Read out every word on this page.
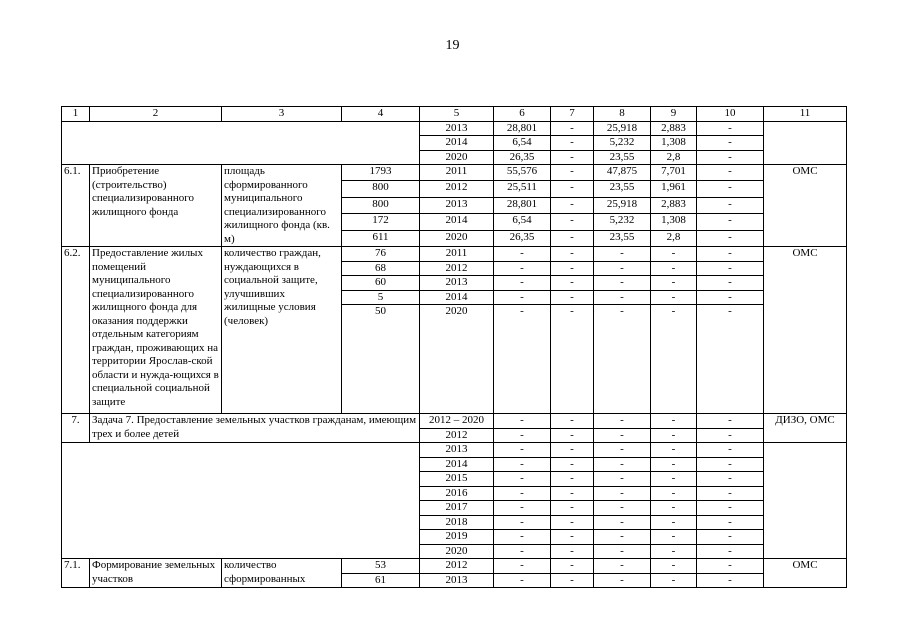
19
1	2	3	4	5	6	7	8	9	10	11
				2013	28,801	-	25,918	2,883	-	
				2014	6,54	-	5,232	1,308	-	
				2020	26,35	-	23,55	2,8	-	
6.1.	Приобретение (строительство) специализированного жилищного фонда	площадь сформированного муниципального специализированного жилищного фонда (кв. м)	1793	2011	55,576	-	47,875	7,701	-	ОМС
			800	2012	25,511	-	23,55	1,961	-	
			800	2013	28,801	-	25,918	2,883	-	
			172	2014	6,54	-	5,232	1,308	-	
			611	2020	26,35	-	23,55	2,8	-	
6.2.	Предоставление жилых помещений муниципального специализированного жилищного фонда для оказания поддержки отдельным категориям граждан, проживающих на территории Ярослав-ской области и нужда-ющихся в специальной социальной защите	количество граждан, нуждающихся в социальной защите, улучшивших жилищные условия (человек)	76	2011	-	-	-	-	-	ОМС
			68	2012	-	-	-	-	-	
			60	2013	-	-	-	-	-	
			5	2014	-	-	-	-	-	
			50	2020	-	-	-	-	-	
7.	Задача 7. Предоставление земельных участков гражданам, имеющим трех и более детей			2012 – 2020	-	-	-	-	-	ДИЗО, ОМС
				2012	-	-	-	-	-	
				2013	-	-	-	-	-	
				2014	-	-	-	-	-	
				2015	-	-	-	-	-	
				2016	-	-	-	-	-	
				2017	-	-	-	-	-	
				2018	-	-	-	-	-	
				2019	-	-	-	-	-	
				2020	-	-	-	-	-	
7.1.	Формирование земельных участков	количество сформированных	53	2012	-	-	-	-	-	ОМС
			61	2013	-	-	-	-	-	
